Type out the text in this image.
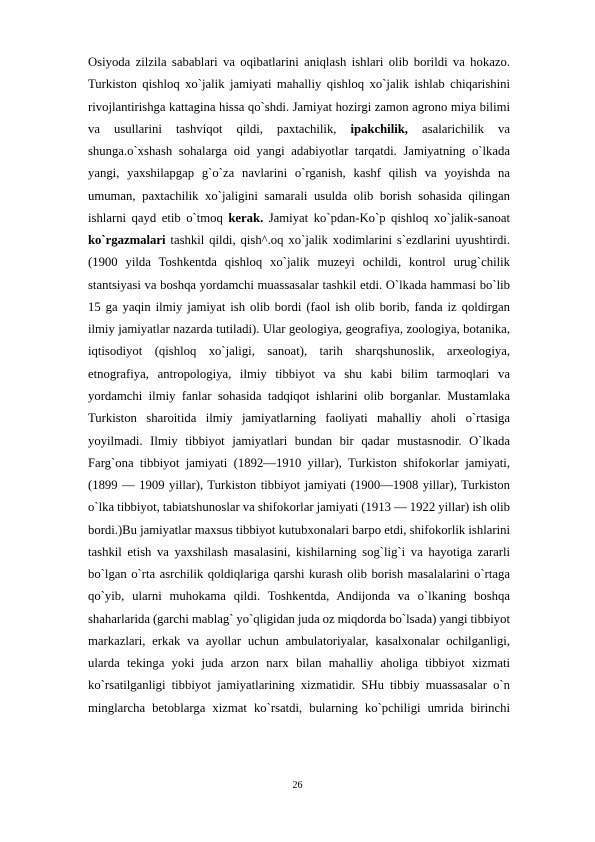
Osiyoda zilzila sabablari va oqibatlarini aniqlash ishlari olib borildi va hokazo.
Turkiston qishloq xo`jalik jamiyati mahalliy qishloq xo`jalik ishlab chiqarishini
rivojlantirishga kattagina hissa qo`shdi. Jamiyat hozirgi zamon agrono miya bilimi
va usullarini tashviqot qildi, paxtachilik, ipakchilik, asalarichilik va
shunga.o`xshash sohalarga oid yangi adabiyotlar tarqatdi. Jamiyatning o`lkada
yangi, yaxshilapgap g`o`za navlarini o`rganish, kashf qilish va yoyishda na
umuman, paxtachilik xo`jaligini samarali usulda olib borish sohasida qilingan
ishlarni qayd etib o`tmoq kerak. Jamiyat ko`pdan-Ko`p qishloq xo`jalik-sanoat
ko`rgazmalari tashkil qildi, qish^.oq xo`jalik xodimlarini s`ezdlarini uyushtirdi.
(1900 yilda Toshkentda qishloq xo`jalik muzeyi ochildi, kontrol urug`chilik
stantsiyasi va boshqa yordamchi muassasalar tashkil etdi. O`lkada hammasi bo`lib
15 ga yaqin ilmiy jamiyat ish olib bordi (faol ish olib borib, fanda iz qoldirgan
ilmiy jamiyatlar nazarda tutiladi). Ular geologiya, geografiya, zoologiya, botanika,
iqtisodiyot (qishloq xo`jaligi, sanoat), tarih sharqshunoslik, arxeologiya,
etnografiya, antropologiya, ilmiy tibbiyot va shu kabi bilim tarmoqlari va
yordamchi ilmiy fanlar sohasida tadqiqot ishlarini olib borganlar. Mustamlaka
Turkiston sharoitida ilmiy jamiyatlarning faoliyati mahalliy aholi o`rtasiga
yoyilmadi. Ilmiy tibbiyot jamiyatlari bundan bir qadar mustasnodir. O`lkada
Farg`ona tibbiyot jamiyati (1892—1910 yillar), Turkiston shifokorlar jamiyati,
(1899 — 1909 yillar), Turkiston tibbiyot jamiyati (1900—1908 yillar), Turkiston
o`lka tibbiyot, tabiatshunoslar va shifokorlar jamiyati (1913 — 1922 yillar) ish olib
bordi.)Bu jamiyatlar maxsus tibbiyot kutubxonalari barpo etdi, shifokorlik ishlarini
tashkil etish va yaxshilash masalasini, kishilarning sog`lig`i va hayotiga zararli
bo`lgan o`rta asrchilik qoldiqlariga qarshi kurash olib borish masalalarini o`rtaga
qo`yib, ularni muhokama qildi. Toshkentda, Andijonda va o`lkaning boshqa
shaharlarida (garchi mablag` yo`qligidan juda oz miqdorda bo`lsada) yangi tibbiyot
markazlari, erkak va ayollar uchun ambulatoriyalar, kasalxonalar ochilganligi,
ularda tekinga yoki juda arzon narx bilan mahalliy aholiga tibbiyot xizmati
ko`rsatilganligi tibbiyot jamiyatlarining xizmatidir. SHu tibbiy muassasalar o`n
minglarcha betoblarga xizmat ko`rsatdi, bularning ko`pchiligi umrida birinchi
26
